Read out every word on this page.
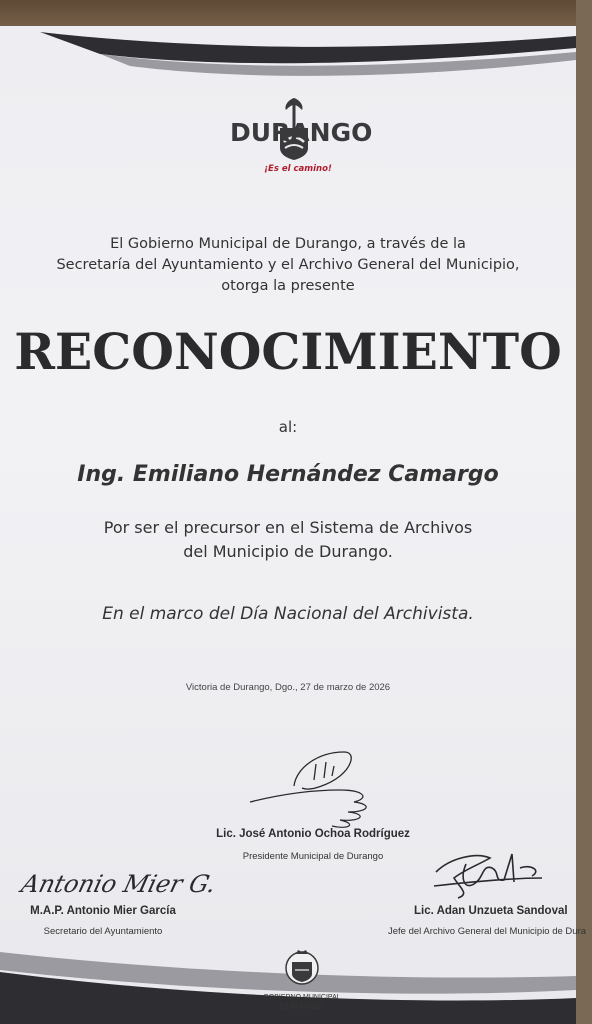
DURANGO
¡Es el camino!
El Gobierno Municipal de Durango, a través de la
Secretaría del Ayuntamiento y el Archivo General del Municipio,
otorga la presente
RECONOCIMIENTO
al:
Ing. Emiliano Hernández Camargo
Por ser el precursor en el Sistema de Archivos
del Municipio de Durango.
En el marco del Día Nacional del Archivista.
Victoria de Durango, Dgo., 27 de marzo de 2026
Lic. José Antonio Ochoa Rodríguez
Presidente Municipal de Durango
Antonio Mier G.
M.A.P. Antonio Mier García
Secretario del Ayuntamiento
Lic. Adan Unzueta Sandoval
Jefe del Archivo General del Municipio de Dura
GOBIERNO MUNICIPAL
DURANGO
